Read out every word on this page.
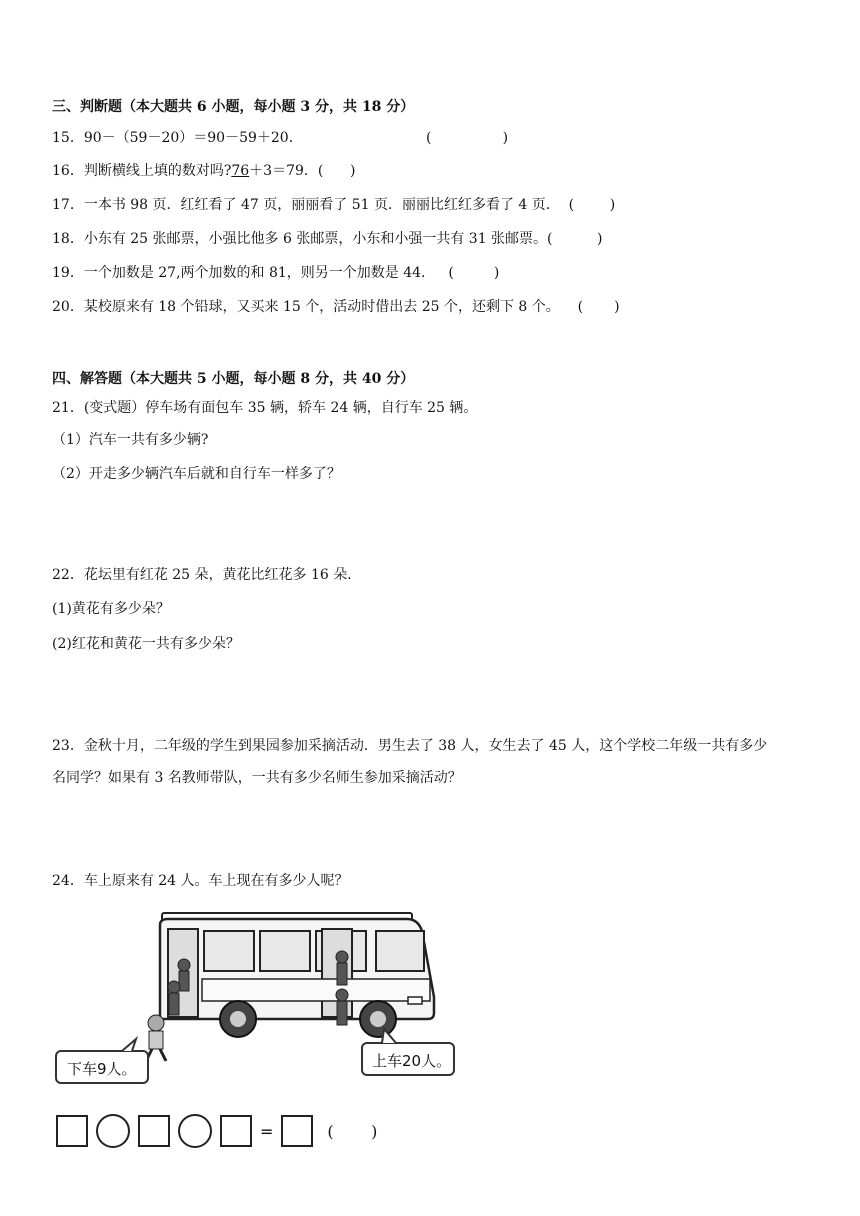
三、判断题（本大题共 6 小题，每小题 3 分，共 18 分）
15．90－（59－20）＝90－59＋20．	(                )
16．判断横线上填的数对吗?76＋3＝79．(      )
17．一本书 98 页．红红看了 47 页，丽丽看了 51 页．丽丽比红红多看了 4 页．  (        )
18．小东有 25 张邮票，小强比他多 6 张邮票，小东和小强一共有 31 张邮票。(          )
19．一个加数是 27,两个加数的和 81，则另一个加数是 44．   (         )
20．某校原来有 18 个铅球，又买来 15 个，活动时借出去 25 个，还剩下 8 个。    (       )
四、解答题（本大题共 5 小题，每小题 8 分，共 40 分）
21．(变式题）停车场有面包车 35 辆，轿车 24 辆，自行车 25 辆。
（1）汽车一共有多少辆?
（2）开走多少辆汽车后就和自行车一样多了？
22．花坛里有红花 25 朵，黄花比红花多 16 朵．
(1)黄花有多少朵？
(2)红花和黄花一共有多少朵？
23．金秋十月，二年级的学生到果园参加采摘活动．男生去了 38 人，女生去了 45 人，这个学校二年级一共有多少
名同学？如果有 3 名教师带队，一共有多少名师生参加采摘活动？
24．车上原来有 24 人。车上现在有多少人呢？
下车9人。	上车20人。
=	(     )
